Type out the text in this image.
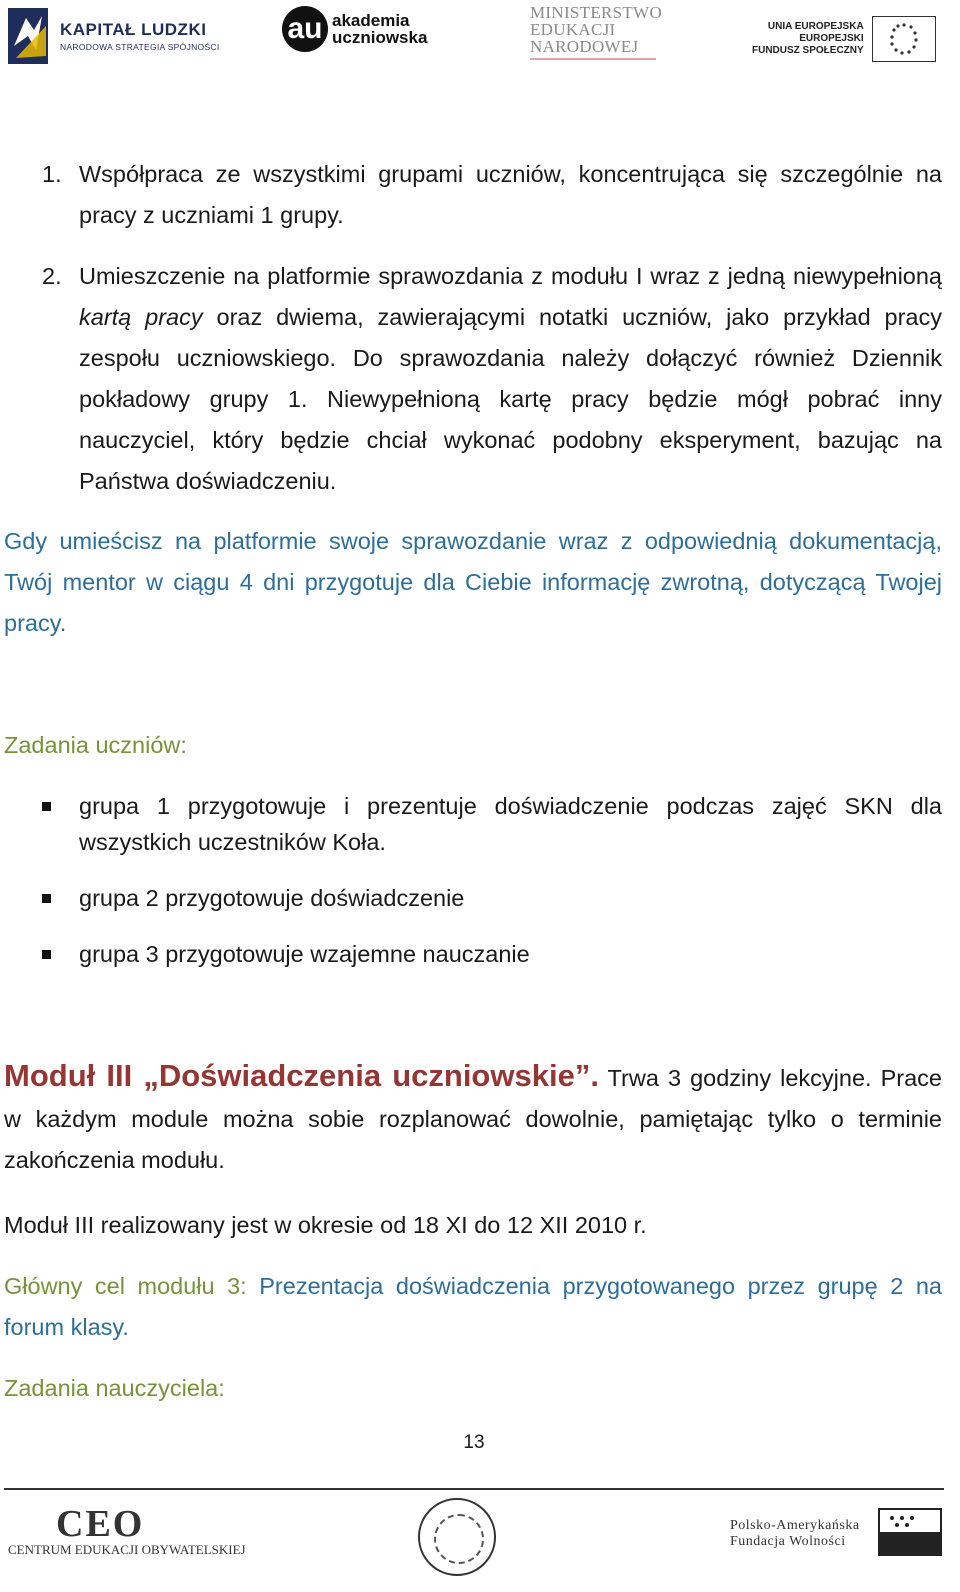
KAPITAŁ LUDZKI
NARODOWA STRATEGIA SPÓJNOŚCI
au akademia
uczniowska
MINISTERSTWO
EDUKACJI
NARODOWEJ
UNIA EUROPEJSKA
EUROPEJSKI
FUNDUSZ SPOŁECZNY
1. Współpraca ze wszystkimi grupami uczniów, koncentrująca się szczególnie na pracy z uczniami 1 grupy.
2. Umieszczenie na platformie sprawozdania z modułu I wraz z jedną niewypełnioną kartą pracy oraz dwiema, zawierającymi notatki uczniów, jako przykład pracy zespołu uczniowskiego. Do sprawozdania należy dołączyć również Dziennik pokładowy grupy 1. Niewypełnioną kartę pracy będzie mógł pobrać inny nauczyciel, który będzie chciał wykonać podobny eksperyment, bazując na Państwa doświadczeniu.
Gdy umieścisz na platformie swoje sprawozdanie wraz z odpowiednią dokumentacją, Twój mentor w ciągu 4 dni przygotuje dla Ciebie informację zwrotną, dotyczącą Twojej pracy.
Zadania uczniów:
grupa 1 przygotowuje i prezentuje doświadczenie podczas zajęć SKN dla wszystkich uczestników Koła.
grupa 2 przygotowuje doświadczenie
grupa 3 przygotowuje wzajemne nauczanie
Moduł III „Doświadczenia uczniowskie”. Trwa 3 godziny lekcyjne. Prace w każdym module można sobie rozplanować dowolnie, pamiętając tylko o terminie zakończenia modułu.
Moduł III realizowany jest w okresie od 18 XI do 12 XII 2010 r.
Główny cel modułu 3: Prezentacja doświadczenia przygotowanego przez grupę 2 na forum klasy.
Zadania nauczyciela:
13
CEO
CENTRUM EDUKACJI OBYWATELSKIEJ
Polsko-Amerykańska
Fundacja Wolności
